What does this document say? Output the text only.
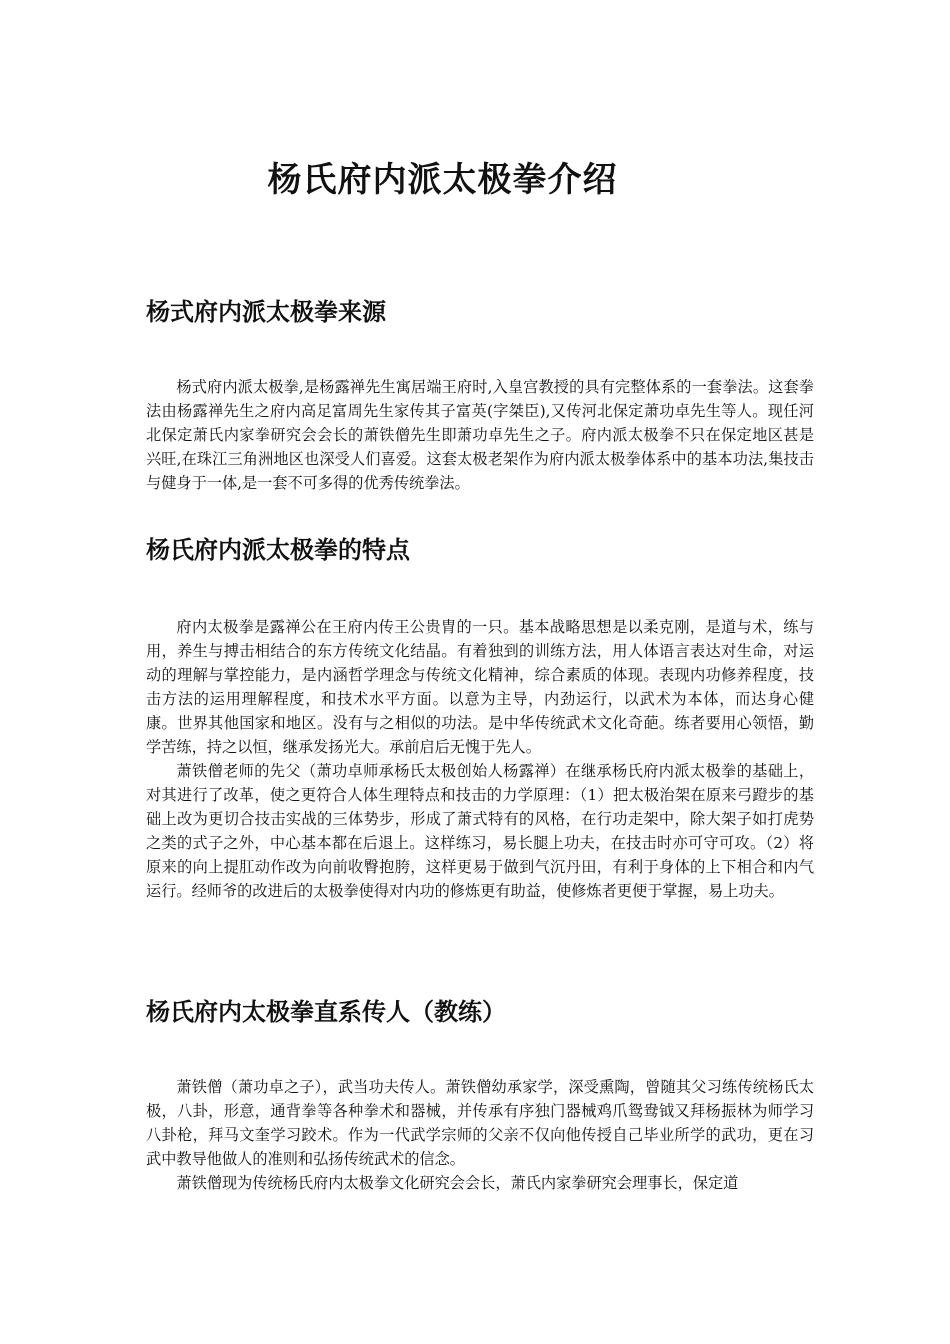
杨氏府内派太极拳介绍
杨式府内派太极拳来源

杨式府内派太极拳,是杨露禅先生寓居端王府时,入皇宫教授的具有完整体系的一套拳法。这套拳法由杨露禅先生之府内高足富周先生家传其子富英(字桀臣),又传河北保定萧功卓先生等人。现任河北保定萧氏内家拳研究会会长的萧铁僧先生即萧功卓先生之子。府内派太极拳不只在保定地区甚是兴旺,在珠江三角洲地区也深受人们喜爱。这套太极老架作为府内派太极拳体系中的基本功法,集技击与健身于一体,是一套不可多得的优秀传统拳法。

杨氏府内派太极拳的特点

府内太极拳是露禅公在王府内传王公贵胄的一只。基本战略思想是以柔克刚，是道与术，练与用，养生与搏击相结合的东方传统文化结晶。有着独到的训练方法，用人体语言表达对生命，对运动的理解与掌控能力，是内涵哲学理念与传统文化精神，综合素质的体现。表现内功修养程度，技击方法的运用理解程度，和技术水平方面。以意为主导，内劲运行，以武术为本体，而达身心健康。世界其他国家和地区。没有与之相似的功法。是中华传统武术文化奇葩。练者要用心领悟，勤学苦练，持之以恒，继承发扬光大。承前启后无愧于先人。

萧铁僧老师的先父（萧功卓师承杨氏太极创始人杨露禅）在继承杨氏府内派太极拳的基础上，对其进行了改革，使之更符合人体生理特点和技击的力学原理：（1）把太极治架在原来弓蹬步的基础上改为更切合技击实战的三体势步，形成了萧式特有的风格，在行功走架中，除大架子如打虎势之类的式子之外，中心基本都在后退上。这样练习，易长腿上功夫，在技击时亦可守可攻。（2）将原来的向上提肛动作改为向前收臀抱胯，这样更易于做到气沉丹田，有利于身体的上下相合和内气运行。经师爷的改进后的太极拳使得对内功的修炼更有助益，使修炼者更便于掌握，易上功夫。

杨氏府内太极拳直系传人（教练）

萧铁僧（萧功卓之子），武当功夫传人。萧铁僧幼承家学，深受熏陶，曾随其父习练传统杨氏太极，八卦，形意，通背拳等各种拳术和器械，并传承有序独门器械鸡爪鸳鸯钺又拜杨振林为师学习八卦枪，拜马文奎学习跤术。作为一代武学宗师的父亲不仅向他传授自己毕业所学的武功，更在习武中教导他做人的准则和弘扬传统武术的信念。

萧铁僧现为传统杨氏府内太极拳文化研究会会长，萧氏内家拳研究会理事长，保定道
